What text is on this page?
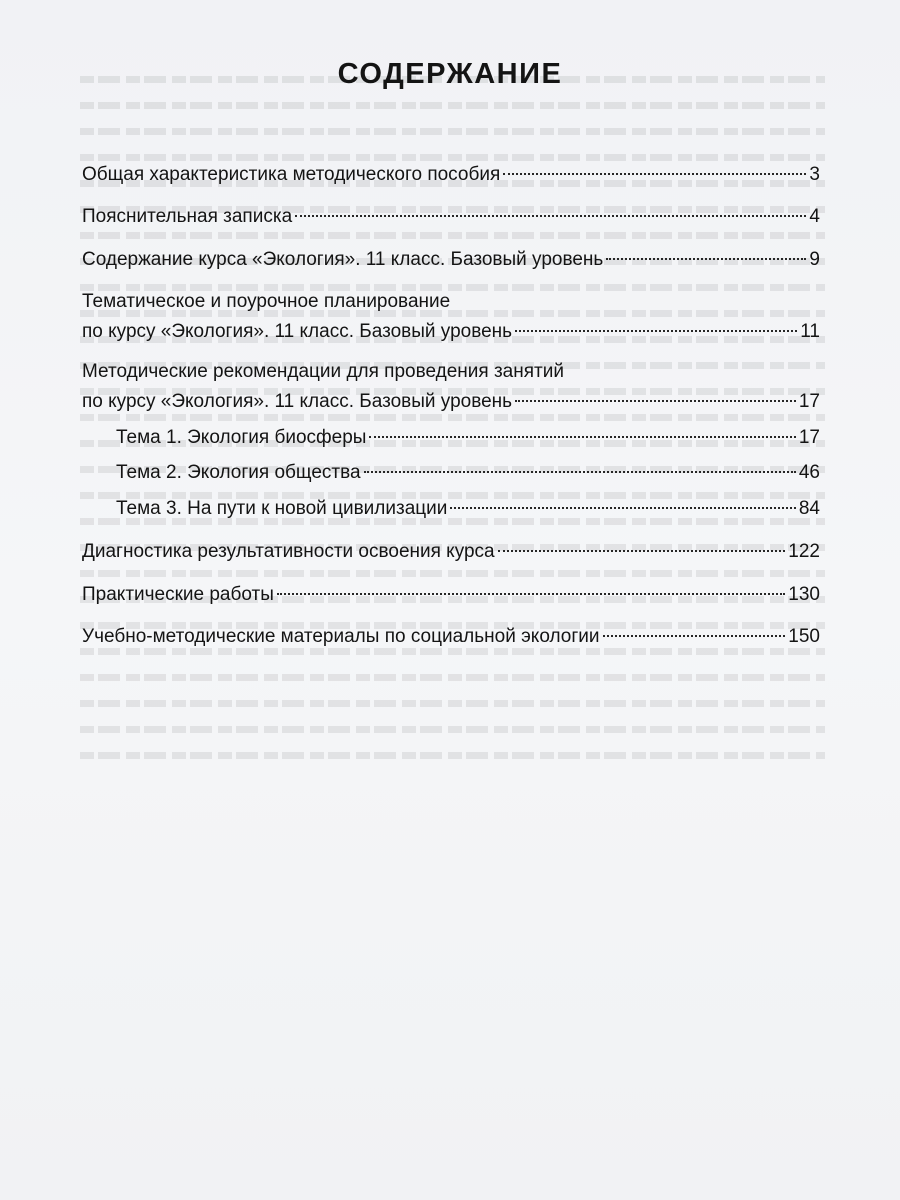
СОДЕРЖАНИЕ
Общая характеристика методического пособия	3
Пояснительная записка	4
Содержание курса «Экология». 11 класс. Базовый уровень	9
Тематическое и поурочное планирование
по курсу «Экология». 11 класс. Базовый уровень	11
Методические рекомендации для проведения занятий
по курсу «Экология». 11 класс. Базовый уровень	17
Тема 1. Экология биосферы	17
Тема 2. Экология общества	46
Тема 3. На пути к новой цивилизации	84
Диагностика результативности освоения курса	122
Практические работы	130
Учебно-методические материалы по социальной экологии	150
